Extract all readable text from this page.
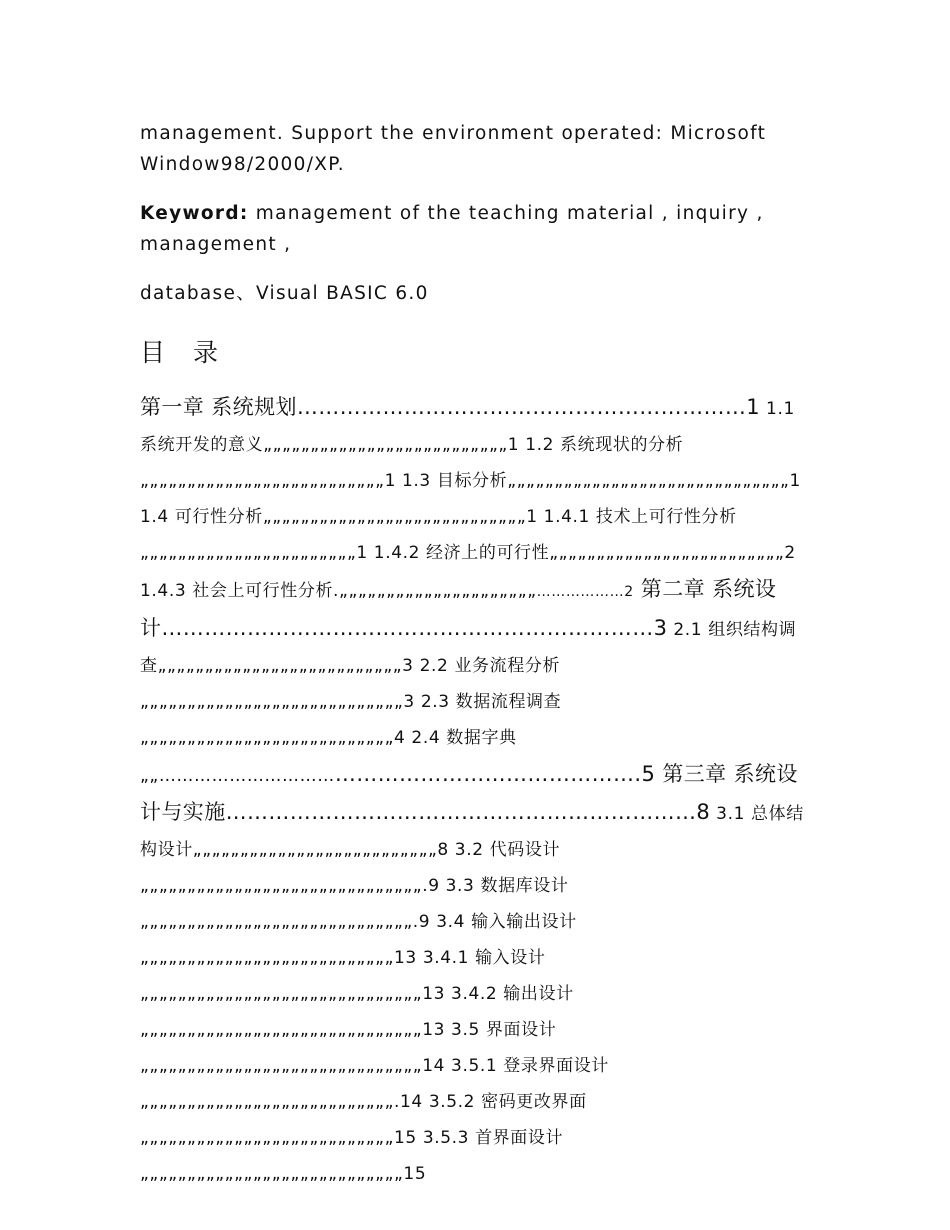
management. Support the environment operated: Microsoft Window98/2000/XP.

Keyword: management of the teaching material , inquiry , management ,

database、Visual BASIC 6.0

目 录

第一章 系统规划………………………………………………………1 1.1 系统开发的意义„„„„„„„„„„„„„„„„„„„„„„„„„„1 1.2 系统现状的分析„„„„„„„„„„„„„„„„„„„„„„„„„„1 1.3 目标分析„„„„„„„„„„„„„„„„„„„„„„„„„„„„„„1 1.4 可行性分析„„„„„„„„„„„„„„„„„„„„„„„„„„„„1 1.4.1 技术上可行性分析„„„„„„„„„„„„„„„„„„„„„„„1 1.4.2 经济上的可行性„„„„„„„„„„„„„„„„„„„„„„„„„2 1.4.3 社会上可行性分析.„„„„„„„„„„„„„„„„„„„„„………………2 第二章 系统设计……………………………………………………………3 2.1 组织结构调查„„„„„„„„„„„„„„„„„„„„„„„„„„3 2.2 业务流程分析„„„„„„„„„„„„„„„„„„„„„„„„„„„„3 2.3 数据流程调查„„„„„„„„„„„„„„„„„„„„„„„„„„„4 2.4 数据字典„„……………………………………………………………….5 第三章 系统设计与实施…………………………………………………………8 3.1 总体结构设计„„„„„„„„„„„„„„„„„„„„„„„„„„8 3.2 代码设计„„„„„„„„„„„„„„„„„„„„„„„„„„„„„„.9 3.3 数据库设计„„„„„„„„„„„„„„„„„„„„„„„„„„„„„.9 3.4 输入输出设计„„„„„„„„„„„„„„„„„„„„„„„„„„„13 3.4.1 输入设计„„„„„„„„„„„„„„„„„„„„„„„„„„„„„„13 3.4.2 输出设计„„„„„„„„„„„„„„„„„„„„„„„„„„„„„„13 3.5 界面设计„„„„„„„„„„„„„„„„„„„„„„„„„„„„„„14 3.5.1 登录界面设计„„„„„„„„„„„„„„„„„„„„„„„„„„„.14 3.5.2 密码更改界面„„„„„„„„„„„„„„„„„„„„„„„„„„„15 3.5.3 首界面设计„„„„„„„„„„„„„„„„„„„„„„„„„„„„15
